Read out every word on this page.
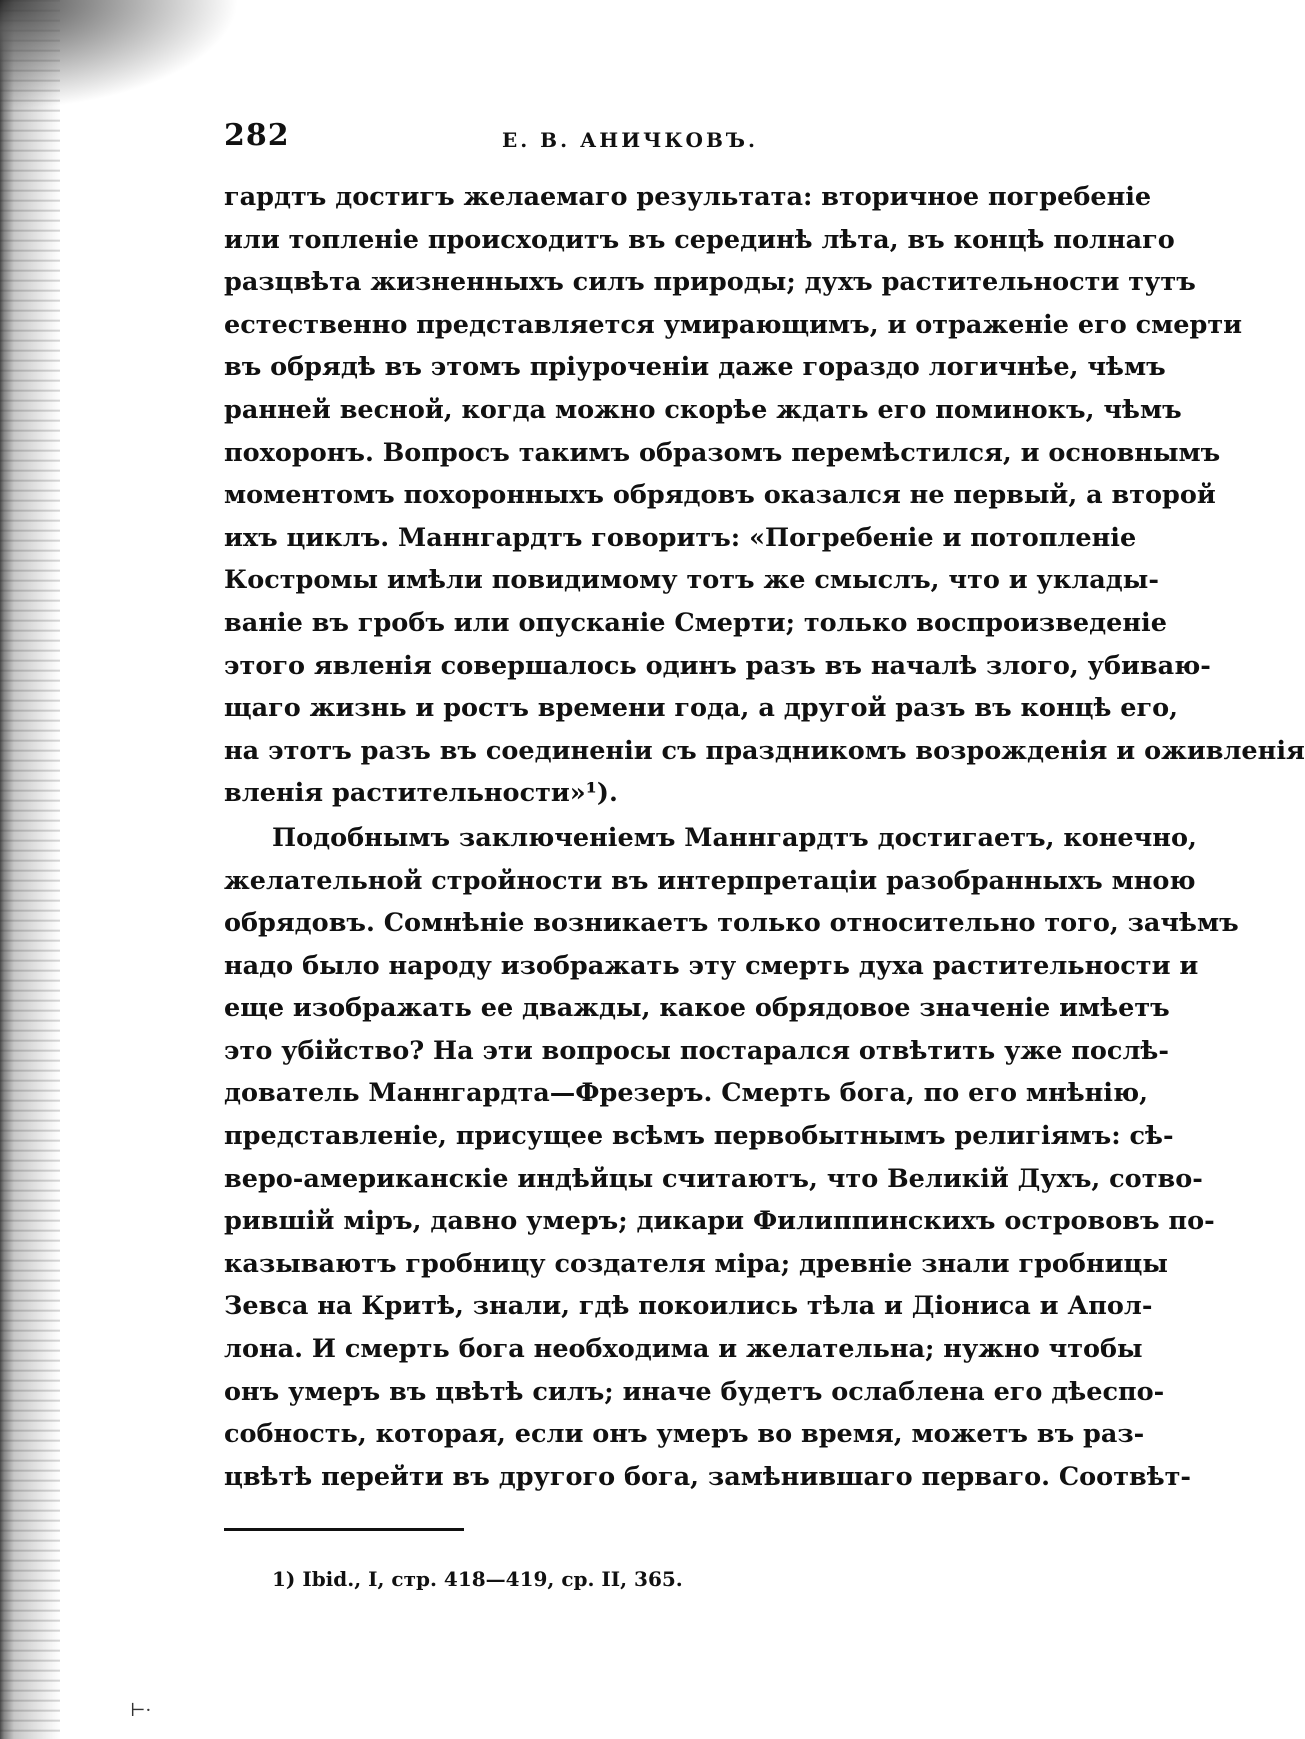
282	Е. В. АНИЧКОВЪ.
гардтъ достигъ желаемаго результата: вторичное погребеніе
или топленіе происходитъ въ серединѣ лѣта, въ концѣ полнаго
разцвѣта жизненныхъ силъ природы; духъ растительности тутъ
естественно представляется умирающимъ, и отраженіе его смерти
въ обрядѣ въ этомъ пріуроченіи даже гораздо логичнѣе, чѣмъ
ранней весной, когда можно скорѣе ждать его поминокъ, чѣмъ
похоронъ. Вопросъ такимъ образомъ перемѣстился, и основнымъ
моментомъ похоронныхъ обрядовъ оказался не первый, а второй
ихъ циклъ. Маннгардтъ говоритъ: «Погребеніе и потопленіе
Костромы имѣли повидимому тотъ же смыслъ, что и уклады-
ваніе въ гробъ или опусканіе Смерти; только воспроизведеніе
этого явленія совершалось одинъ разъ въ началѣ злого, убиваю-
щаго жизнь и ростъ времени года, а другой разъ въ концѣ его,
на этотъ разъ въ соединеніи съ праздникомъ возрожденія и оживленія
вленія растительности»¹).
Подобнымъ заключеніемъ Маннгардтъ достигаетъ, конечно,
желательной стройности въ интерпретаціи разобранныхъ мною
обрядовъ. Сомнѣніе возникаетъ только относительно того, зачѣмъ
надо было народу изображать эту смерть духа растительности и
еще изображать ее дважды, какое обрядовое значеніе имѣетъ
это убійство? На эти вопросы постарался отвѣтить уже послѣ-
дователь Маннгардта—Фрезеръ. Смерть бога, по его мнѣнію,
представленіе, присущее всѣмъ первобытнымъ религіямъ: сѣ-
веро-американскіе индѣйцы считаютъ, что Великій Духъ, сотво-
рившій міръ, давно умеръ; дикари Филиппинскихъ острововъ по-
казываютъ гробницу создателя міра; древніе знали гробницы
Зевса на Критѣ, знали, гдѣ покоились тѣла и Діониса и Апол-
лона. И смерть бога необходима и желательна; нужно чтобы
онъ умеръ въ цвѣтѣ силъ; иначе будетъ ослаблена его дѣеспо-
собность, которая, если онъ умеръ во время, можетъ въ раз-
цвѣтѣ перейти въ другого бога, замѣнившаго перваго. Соотвѣт-
1) Ibid., I, стр. 418—419, ср. II, 365.
⊢·
